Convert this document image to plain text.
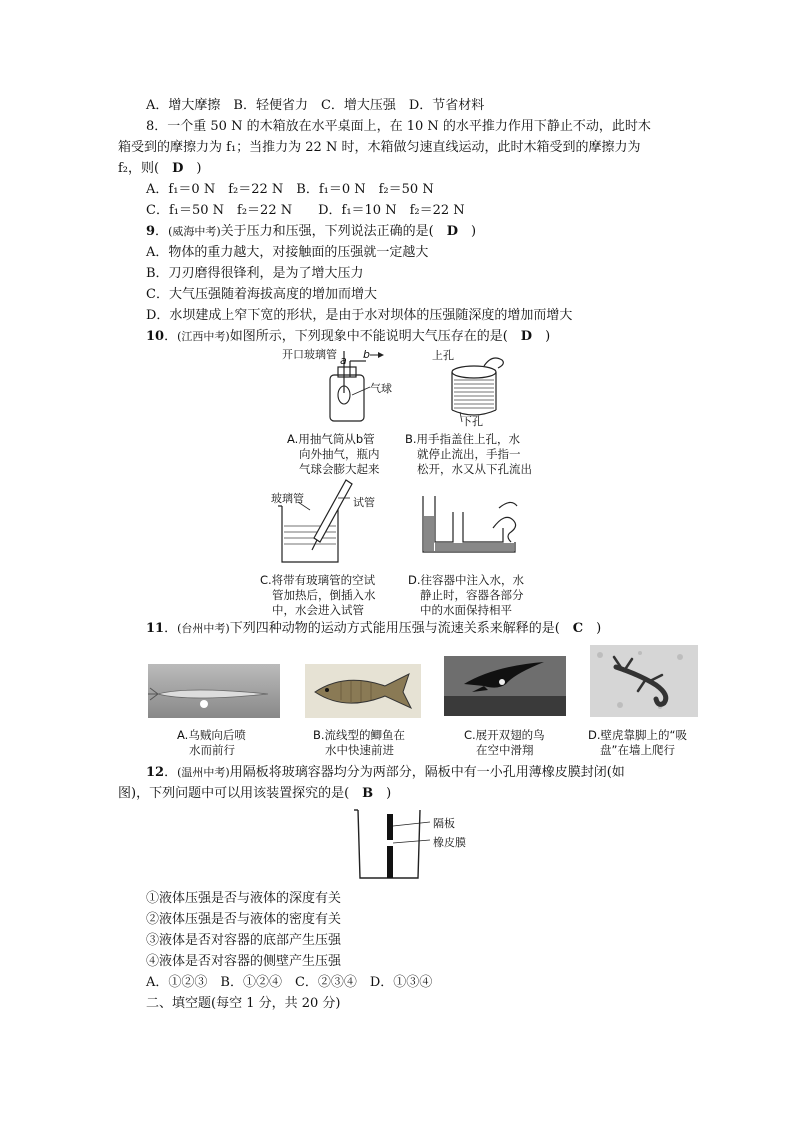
A．增大摩擦　B．轻便省力　C．增大压强　D．节省材料
8．一个重 50 N 的木箱放在水平桌面上，在 10 N 的水平推力作用下静止不动，此时木
箱受到的摩擦力为 f₁；当推力为 22 N 时，木箱做匀速直线运动，此时木箱受到的摩擦力为
f₂，则(　D　)
A．f₁＝0 N　f₂＝22 N　B．f₁＝0 N　f₂＝50 N
C．f₁＝50 N　f₂＝22 N　　D．f₁＝10 N　f₂＝22 N
9．(威海中考)关于压力和压强，下列说法正确的是(　D　)
A．物体的重力越大，对接触面的压强就一定越大
B．刀刃磨得很锋利，是为了增大压力
C．大气压强随着海拔高度的增加而增大
D．水坝建成上窄下宽的形状，是由于水对坝体的压强随深度的增加而增大
10．(江西中考)如图所示，下列现象中不能说明大气压存在的是(　D　)
开口玻璃管 a b
气球
A.用抽气筒从b管
向外抽气，瓶内
气球会膨大起来
上孔
下孔
B.用手指盖住上孔，水
就停止流出，手指一
松开，水又从下孔流出
玻璃管	试管
C.将带有玻璃管的空试
管加热后，倒插入水
中，水会进入试管
D.往容器中注入水，水
静止时，容器各部分
中的水面保持相平
11．(台州中考)下列四种动物的运动方式能用压强与流速关系来解释的是(　C　)
A.乌贼向后喷
水而前行
B.流线型的鲫鱼在
水中快速前进
C.展开双翅的鸟
在空中滑翔
D.壁虎靠脚上的“吸
盘”在墙上爬行
12．(温州中考)用隔板将玻璃容器均分为两部分，隔板中有一小孔用薄橡皮膜封闭(如
图)，下列问题中可以用该装置探究的是(　B　)
隔板
橡皮膜
①液体压强是否与液体的深度有关
②液体压强是否与液体的密度有关
③液体是否对容器的底部产生压强
④液体是否对容器的侧壁产生压强
A．①②③　B．①②④　C．②③④　D．①③④
二、填空题(每空 1 分，共 20 分)
